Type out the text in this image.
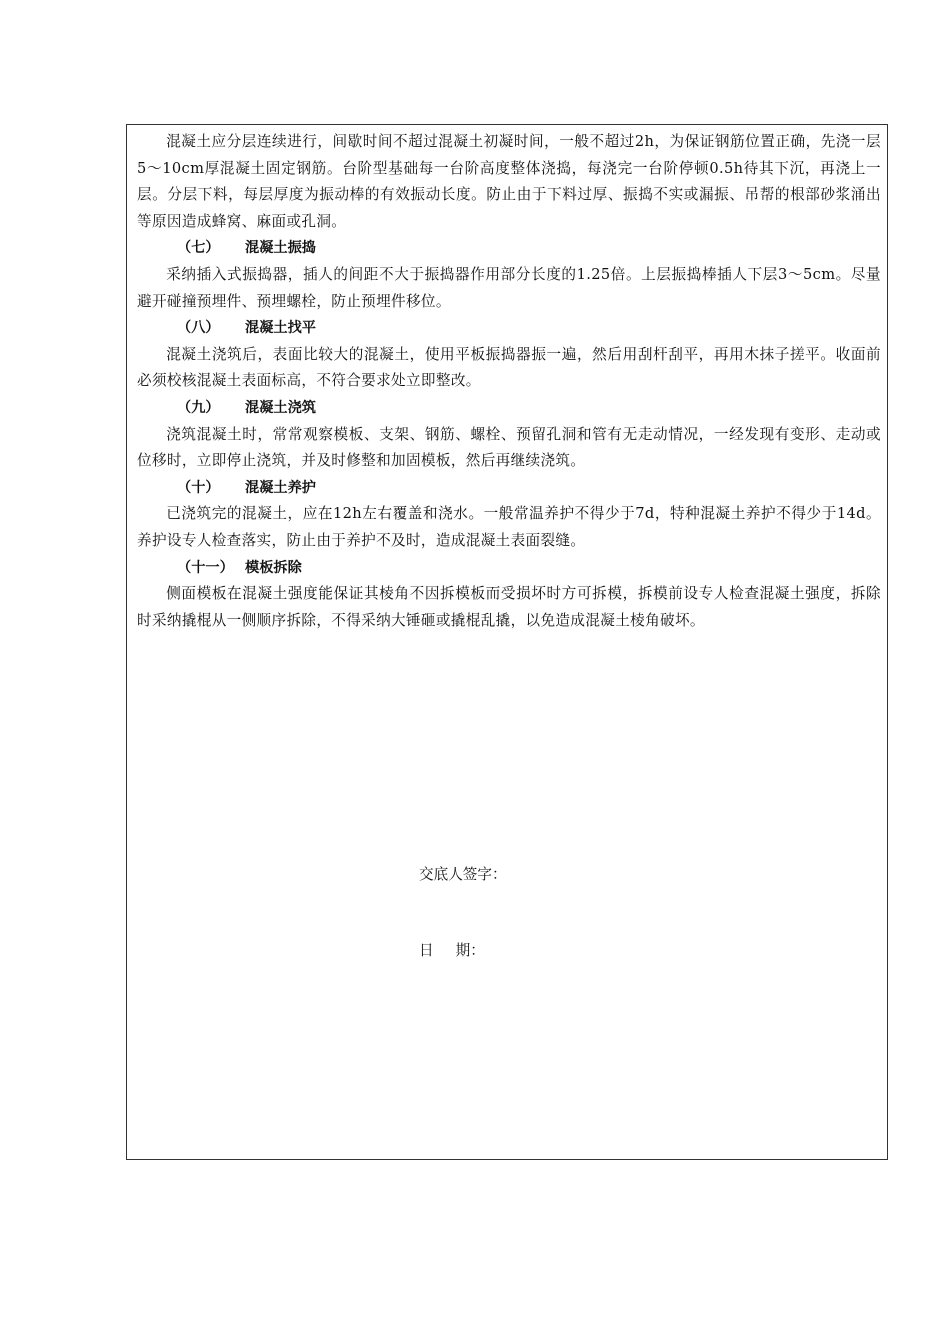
混凝土应分层连续进行，间歇时间不超过混凝土初凝时间，一般不超过2h，为保证钢筋位置正确，先浇一层5～10cm厚混凝土固定钢筋。台阶型基础每一台阶高度整体浇捣，每浇完一台阶停顿0.5h待其下沉，再浇上一层。分层下料，每层厚度为振动棒的有效振动长度。防止由于下料过厚、振捣不实或漏振、吊帮的根部砂浆涌出等原因造成蜂窝、麻面或孔洞。

（七）	混凝土振捣

采纳插入式振捣器，插人的间距不大于振捣器作用部分长度的1.25倍。上层振捣棒插人下层3～5cm。尽量避开碰撞预埋件、预埋螺栓，防止预埋件移位。

（八）	混凝土找平

混凝土浇筑后，表面比较大的混凝土，使用平板振捣器振一遍，然后用刮杆刮平，再用木抹子搓平。收面前必须校核混凝土表面标高，不符合要求处立即整改。

（九）	混凝土浇筑

浇筑混凝土时，常常观察模板、支架、钢筋、螺栓、预留孔洞和管有无走动情况，一经发现有变形、走动或位移时，立即停止浇筑，并及时修整和加固模板，然后再继续浇筑。

（十）	混凝土养护

已浇筑完的混凝土，应在12h左右覆盖和浇水。一般常温养护不得少于7d，特种混凝土养护不得少于14d。养护设专人检查落实，防止由于养护不及时，造成混凝土表面裂缝。

（十一） 模板拆除

侧面模板在混凝土强度能保证其棱角不因拆模板而受损坏时方可拆模，拆模前设专人检查混凝土强度，拆除时采纳撬棍从一侧顺序拆除，不得采纳大锤砸或撬棍乱撬，以免造成混凝土棱角破坏。

交底人签字：
日 期：
